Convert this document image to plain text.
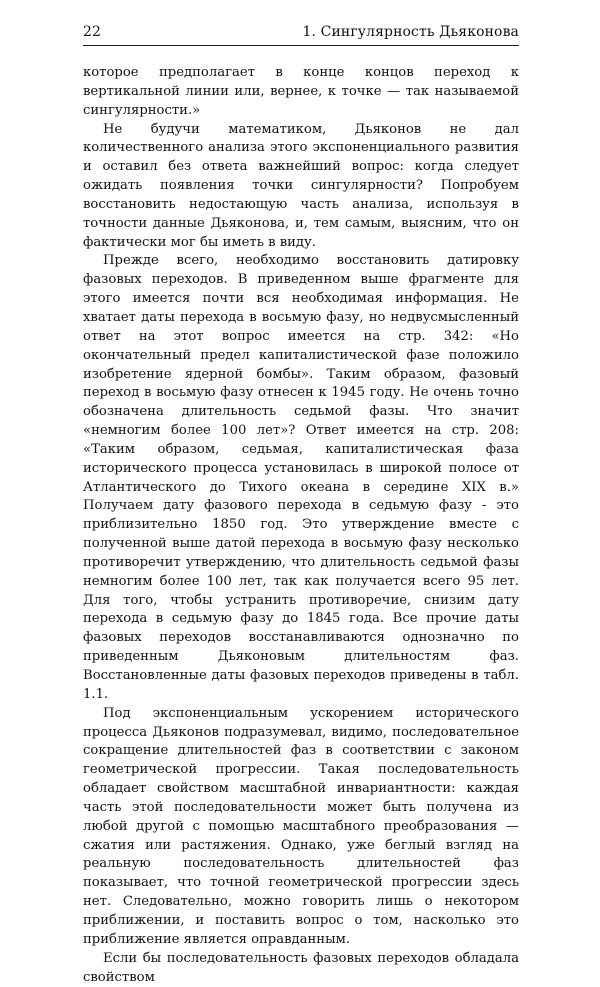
22	1. Сингулярность Дьяконова

которое предполагает в конце концов переход к вертикальной линии или, вернее, к точке — так называемой сингулярности.»

Не будучи математиком, Дьяконов не дал количественного анализа этого экспоненциального развития и оставил без ответа важнейший вопрос: когда следует ожидать появления точки сингулярности? Попробуем восстановить недостающую часть анализа, используя в точности данные Дьяконова, и, тем самым, выясним, что он фактически мог бы иметь в виду.

Прежде всего, необходимо восстановить датировку фазовых переходов. В приведенном выше фрагменте для этого имеется почти вся необходимая информация. Не хватает даты перехода в восьмую фазу, но недвусмысленный ответ на этот вопрос имеется на стр. 342: «Но окончательный предел капиталистической фазе положило изобретение ядерной бомбы». Таким образом, фазовый переход в восьмую фазу отнесен к 1945 году. Не очень точно обозначена длительность седьмой фазы. Что значит «немногим более 100 лет»? Ответ имеется на стр. 208: «Таким образом, седьмая, капиталистическая фаза исторического процесса установилась в широкой полосе от Атлантического до Тихого океана в середине XIX в.» Получаем дату фазового перехода в седьмую фазу - это приблизительно 1850 год. Это утверждение вместе с полученной выше датой перехода в восьмую фазу несколько противоречит утверждению, что длительность седьмой фазы немногим более 100 лет, так как получается всего 95 лет. Для того, чтобы устранить противоречие, снизим дату перехода в седьмую фазу до 1845 года. Все прочие даты фазовых переходов восстанавливаются однозначно по приведенным Дьяконовым длительностям фаз. Восстановленные даты фазовых переходов приведены в табл. 1.1.

Под экспоненциальным ускорением исторического процесса Дьяконов подразумевал, видимо, последовательное сокращение длительностей фаз в соответствии с законом геометрической прогрессии. Такая последовательность обладает свойством масштабной инвариантности: каждая часть этой последовательности может быть получена из любой другой с помощью масштабного преобразования — сжатия или растяжения. Однако, уже беглый взгляд на реальную последовательность длительностей фаз показывает, что точной геометрической прогрессии здесь нет. Следовательно, можно говорить лишь о некотором приближении, и поставить вопрос о том, насколько это приближение является оправданным.

Если бы последовательность фазовых переходов обладала свойством
